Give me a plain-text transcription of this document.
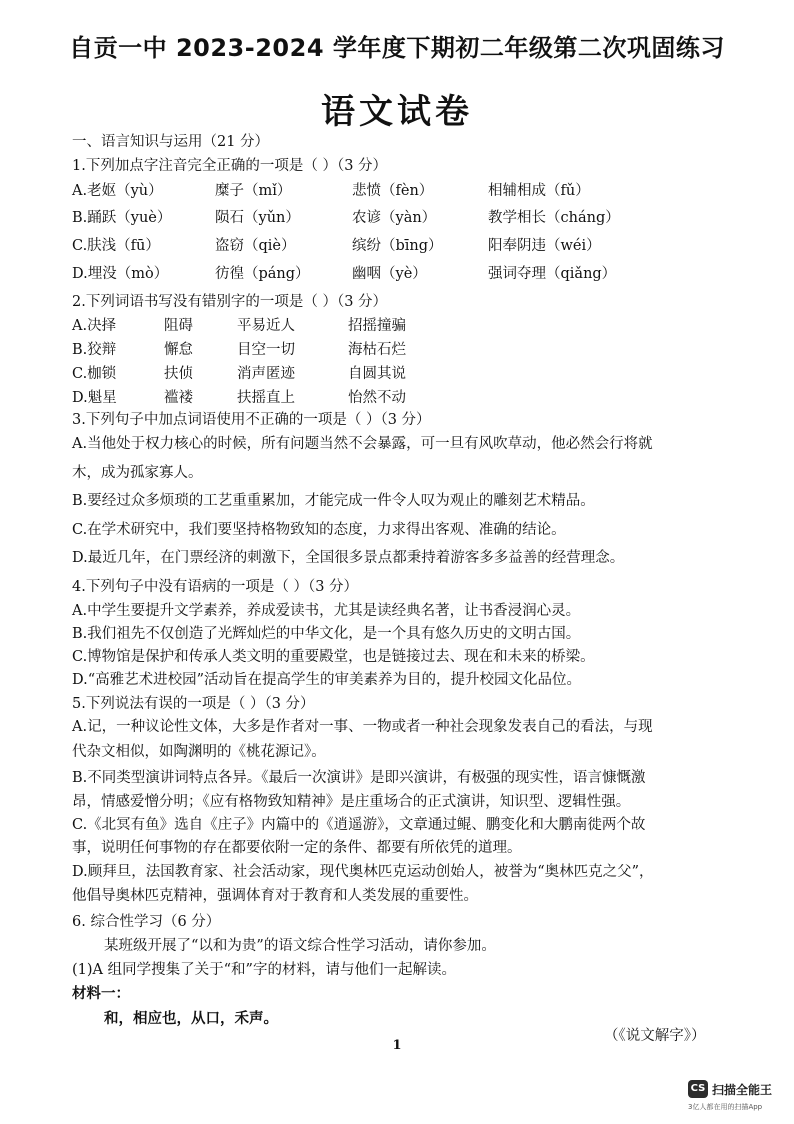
自贡一中 2023-2024 学年度下期初二年级第二次巩固练习
语文试卷
一、语言知识与运用（21 分）
1.下列加点字注音完全正确的一项是（ ）（3 分）
A.老妪（yù）	糜子（mǐ）	悲愤（fèn）	相辅相成（fǔ）
B.踊跃（yuè）	陨石（yǔn）	农谚（yàn）	教学相长（cháng）
C.肤浅（fū）	盗窃（qiè）	缤纷（bīng）	阳奉阴违（wéi）
D.埋没（mò）	彷徨（páng）	幽咽（yè）	强词夺理（qiǎng）
2.下列词语书写没有错别字的一项是（ ）（3 分）
A.决择	阻碍	平易近人	招摇撞骗
B.狡辩	懈怠	目空一切	海枯石烂
C.枷锁	扶侦	消声匿迹	自圆其说
D.魁星	褴褛	扶摇直上	怡然不动
3.下列句子中加点词语使用不正确的一项是（ ）（3 分）
A.当他处于权力核心的时候，所有问题当然不会暴露，可一旦有风吹草动，他必然会行将就
木，成为孤家寡人。
B.要经过众多烦琐的工艺重重累加，才能完成一件令人叹为观止的雕刻艺术精品。
C.在学术研究中，我们要坚持格物致知的态度，力求得出客观、准确的结论。
D.最近几年，在门票经济的刺激下，全国很多景点都秉持着游客多多益善的经营理念。
4.下列句子中没有语病的一项是（ ）（3 分）
A.中学生要提升文学素养，养成爱读书，尤其是读经典名著，让书香浸润心灵。
B.我们祖先不仅创造了光辉灿烂的中华文化，是一个具有悠久历史的文明古国。
C.博物馆是保护和传承人类文明的重要殿堂，也是链接过去、现在和未来的桥梁。
D.“高雅艺术进校园”活动旨在提高学生的审美素养为目的，提升校园文化品位。
5.下列说法有误的一项是（ ）（3 分）
A.记，一种议论性文体，大多是作者对一事、一物或者一种社会现象发表自己的看法，与现
代杂文相似，如陶渊明的《桃花源记》。
B.不同类型演讲词特点各异。《最后一次演讲》是即兴演讲，有极强的现实性，语言慷慨激
昂，情感爱憎分明；《应有格物致知精神》是庄重场合的正式演讲，知识型、逻辑性强。
C.《北冥有鱼》选自《庄子》内篇中的《逍遥游》，文章通过鲲、鹏变化和大鹏南徙两个故
事，说明任何事物的存在都要依附一定的条件、都要有所依凭的道理。
D.顾拜旦，法国教育家、社会活动家，现代奥林匹克运动创始人，被誉为“奥林匹克之父”，
他倡导奥林匹克精神，强调体育对于教育和人类发展的重要性。
6. 综合性学习（6 分）
某班级开展了“以和为贵”的语文综合性学习活动，请你参加。
(1)A 组同学搜集了关于“和”字的材料，请与他们一起解读。
材料一：
和，相应也，从口，禾声。
（《说文解字》）
1
CS 扫描全能王
3亿人都在用的扫描App
